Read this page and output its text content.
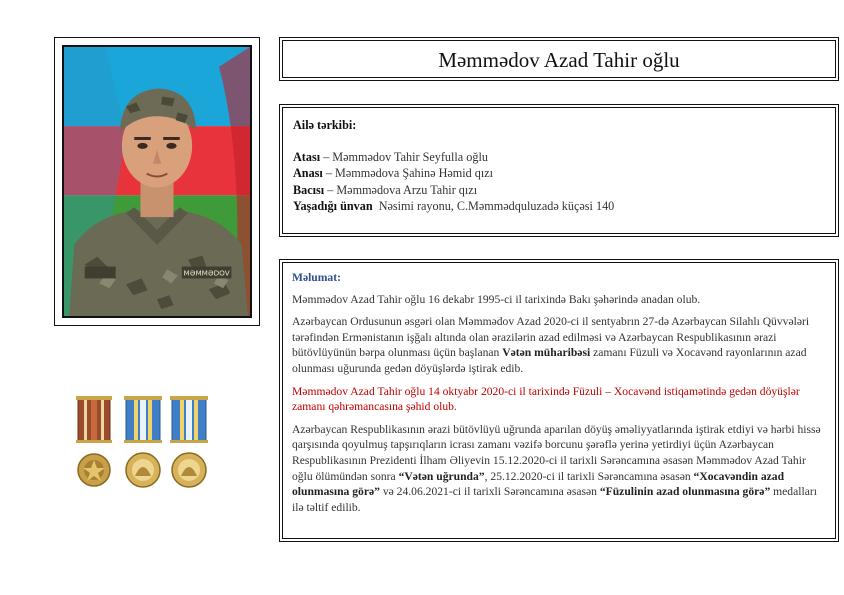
MƏMMƏDOV
Məmmədov Azad Tahir oğlu
Ailə tərkibi:
Atası – Məmmədov Tahir Seyfulla oğlu
Anası – Məmmədova Şahinə Həmid qızı
Bacısı – Məmmədova Arzu Tahir qızı
Yaşadığı ünvan Nəsimi rayonu, C.Məmmədquluzadə küçəsi 140
Məlumat:

Məmmədov Azad Tahir oğlu 16 dekabr 1995-ci il tarixində Bakı şəhərində anadan olub.

Azərbaycan Ordusunun əsgəri olan Məmmədov Azad 2020-ci il sentyabrın 27-də Azərbaycan Silahlı Qüvvələri tərəfindən Ermənistanın işğalı altında olan ərazilərin azad edilməsi və Azərbaycan Respublikasının ərazi bütövlüyünün bərpa olunması üçün başlanan Vətən müharibəsi zamanı Füzuli və Xocavənd rayonlarının azad olunması uğurunda gedən döyüşlərdə iştirak edib.

Məmmədov Azad Tahir oğlu 14 oktyabr 2020-ci il tarixində Füzuli – Xocavənd istiqamətində gedən döyüşlər zamanı qəhrəmancasına şəhid olub.

Azərbaycan Respublikasının ərazi bütövlüyü uğrunda aparılan döyüş əməliyyatlarında iştirak etdiyi və hərbi hissə qarşısında qoyulmuş tapşırıqların icrası zamanı vəzifə borcunu şərəflə yerinə yetirdiyi üçün Azərbaycan Respublikasının Prezidenti İlham Əliyevin 15.12.2020-ci il tarixli Sərəncamına əsasən Məmmədov Azad Tahir oğlu ölümündən sonra “Vətən uğrunda”, 25.12.2020-ci il tarixli Sərəncamına əsasən “Xocavəndin azad olunmasına görə” və 24.06.2021-ci il tarixli Sərəncamına əsasən “Füzulinin azad olunmasına görə” medalları ilə təltif edilib.
